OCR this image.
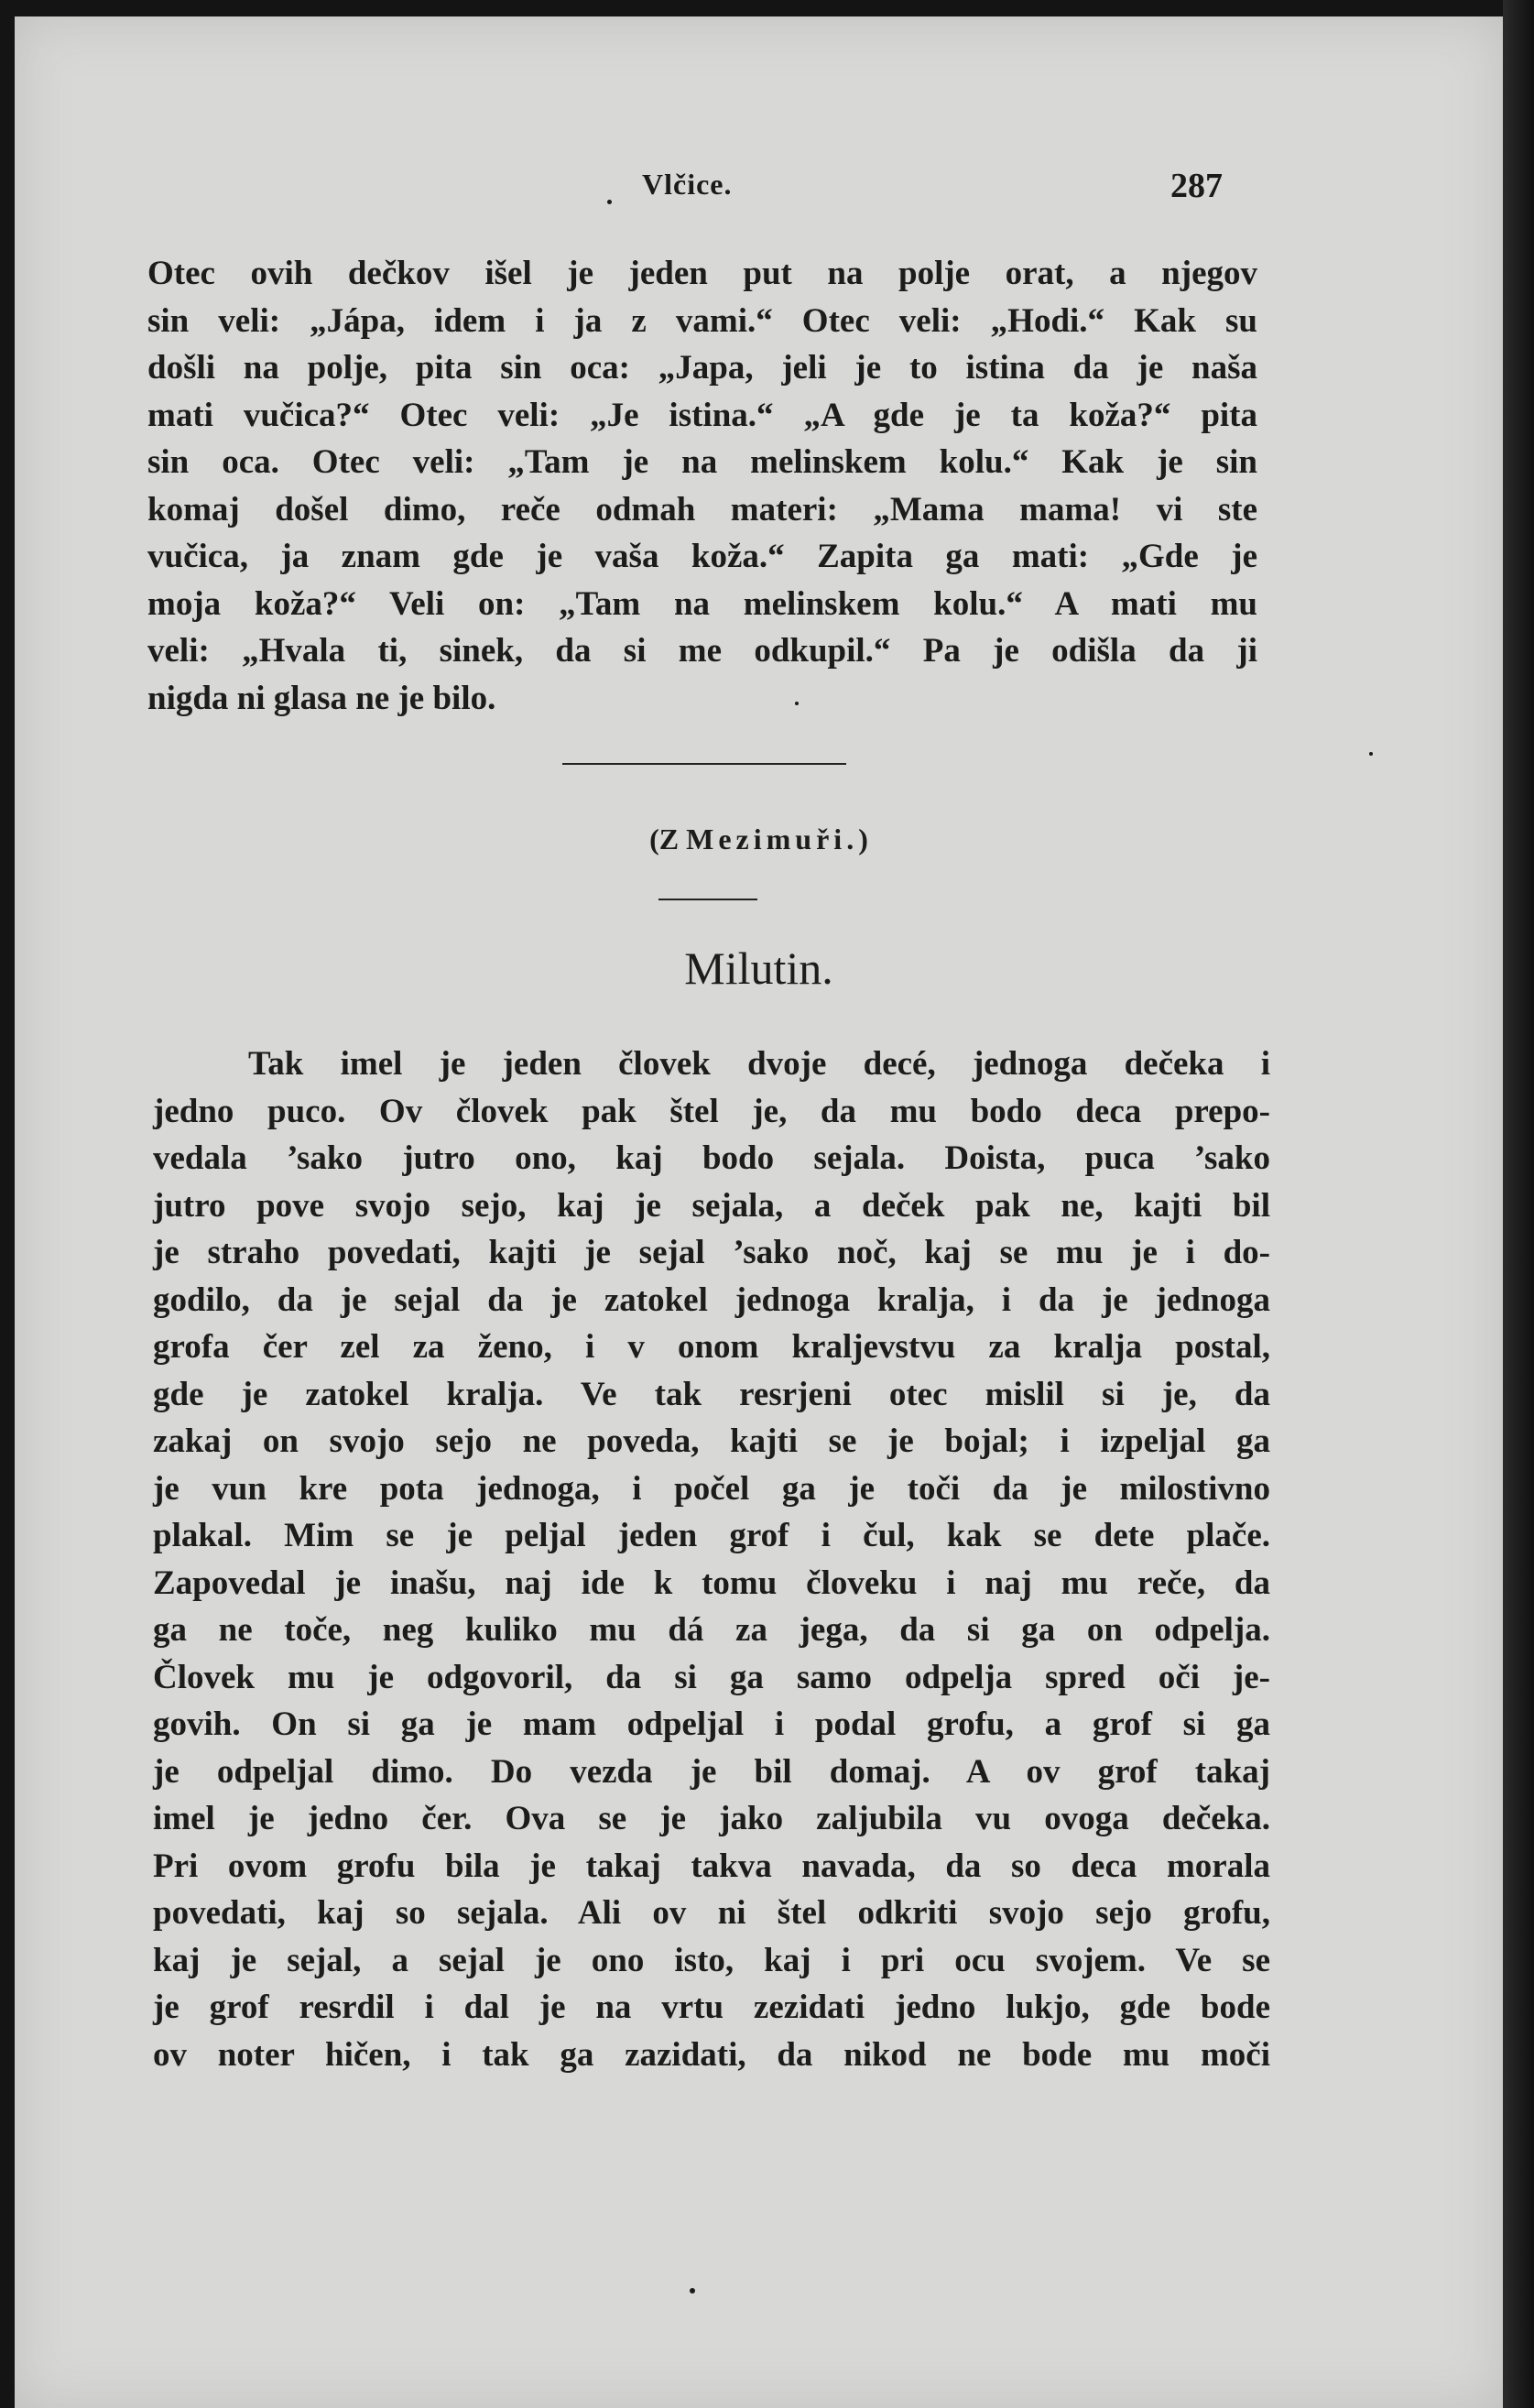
Vlčice.	287
Otec ovih dečkov išel je jeden put na polje orat, a njegov
sin veli: „Jápa, idem i ja z vami.“ Otec veli: „Hodi.“ Kak su
došli na polje, pita sin oca: „Japa, jeli je to istina da je naša
mati vučica?“ Otec veli: „Je istina.“ „A gde je ta koža?“ pita
sin oca. Otec veli: „Tam je na melinskem kolu.“ Kak je sin
komaj došel dimo, reče odmah materi: „Mama mama! vi ste
vučica, ja znam gde je vaša koža.“ Zapita ga mati: „Gde je
moja koža?“ Veli on: „Tam na melinskem kolu.“ A mati mu
veli: „Hvala ti, sinek, da si me odkupil.“ Pa je odišla da ji
nigda ni glasa ne je bilo.
(Z Mezimuři.)
Milutin.
Tak imel je jeden človek dvoje decé, jednoga dečeka i
jedno puco. Ov človek pak štel je, da mu bodo deca prepo-
vedala ’sako jutro ono, kaj bodo sejala. Doista, puca ’sako
jutro pove svojo sejo, kaj je sejala, a deček pak ne, kajti bil
je straho povedati, kajti je sejal ’sako noč, kaj se mu je i do-
godilo, da je sejal da je zatokel jednoga kralja, i da je jednoga
grofa čer zel za ženo, i v onom kraljevstvu za kralja postal,
gde je zatokel kralja. Ve tak resrjeni otec mislil si je, da
zakaj on svojo sejo ne poveda, kajti se je bojal; i izpeljal ga
je vun kre pota jednoga, i počel ga je toči da je milostivno
plakal. Mim se je peljal jeden grof i čul, kak se dete plače.
Zapovedal je inašu, naj ide k tomu človeku i naj mu reče, da
ga ne toče, neg kuliko mu dá za jega, da si ga on odpelja.
Človek mu je odgovoril, da si ga samo odpelja spred oči je-
govih. On si ga je mam odpeljal i podal grofu, a grof si ga
je odpeljal dimo. Do vezda je bil domaj. A ov grof takaj
imel je jedno čer. Ova se je jako zaljubila vu ovoga dečeka.
Pri ovom grofu bila je takaj takva navada, da so deca morala
povedati, kaj so sejala. Ali ov ni štel odkriti svojo sejo grofu,
kaj je sejal, a sejal je ono isto, kaj i pri ocu svojem. Ve se
je grof resrdil i dal je na vrtu zezidati jedno lukjo, gde bode
ov noter hičen, i tak ga zazidati, da nikod ne bode mu moči
